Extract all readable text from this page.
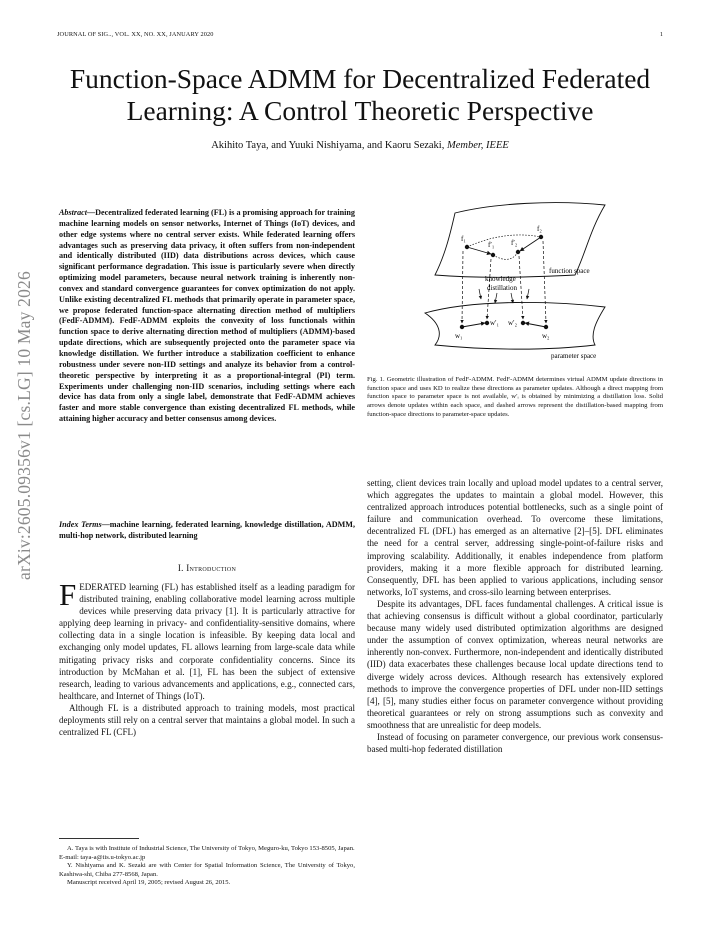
JOURNAL OF SIG.., VOL. XX, NO. XX, JANUARY 2020	1
Function-Space ADMM for Decentralized Federated
Learning: A Control Theoretic Perspective
Akihito Taya, and Yuuki Nishiyama, and Kaoru Sezaki, Member, IEEE
arXiv:2605.09356v1 [cs.LG] 10 May 2026
Abstract—Decentralized federated learning (FL) is a promising approach for training machine learning models on sensor networks, Internet of Things (IoT) devices, and other edge systems where no central server exists. While federated learning offers advantages such as preserving data privacy, it often suffers from non-independent and identically distributed (IID) data distributions across devices, which cause significant performance degradation. This issue is particularly severe when directly optimizing model parameters, because neural network training is inherently non-convex and standard convergence guarantees for convex optimization do not apply. Unlike existing decentralized FL methods that primarily operate in parameter space, we propose federated function-space alternating direction method of multipliers (FedF-ADMM). FedF-ADMM exploits the convexity of loss functionals within function space to derive alternating direction method of multipliers (ADMM)-based update directions, which are subsequently projected onto the parameter space via knowledge distillation. We further introduce a stabilization coefficient to enhance robustness under severe non-IID settings and analyze its behavior from a control-theoretic perspective by interpreting it as a proportional-integral (PI) term. Experiments under challenging non-IID scenarios, including settings where each device has data from only a single label, demonstrate that FedF-ADMM achieves faster and more stable convergence than existing decentralized FL methods, while attaining higher accuracy and better consensus among devices.
Index Terms—machine learning, federated learning, knowledge distillation, ADMM, multi-hop network, distributed learning
I. Introduction

FEDERATED learning (FL) has established itself as a leading paradigm for distributed training, enabling collaborative model learning across multiple devices while preserving data privacy [1]. It is particularly attractive for applying deep learning in privacy- and confidentiality-sensitive domains, where collecting data in a single location is infeasible. By keeping data local and exchanging only model updates, FL allows learning from large-scale data while mitigating privacy risks and corporate confidentiality concerns. Since its introduction by McMahan et al. [1], FL has been the subject of extensive research, leading to various advancements and applications, e.g., connected cars, healthcare, and Internet of Things (IoT).

Although FL is a distributed approach to training models, most practical deployments still rely on a central server that maintains a global model. In such a centralized FL (CFL)

A. Taya is with Institute of Industrial Science, The University of Tokyo, Meguro-ku, Tokyo 153-8505, Japan.

E-mail: taya-a@iis.u-tokyo.ac.jp

Y. Nishiyama and K. Sezaki are with Center for Spatial Information Science, The University of Tokyo, Kashiwa-shi, Chiba 277-8568, Japan.

Manuscript received April 19, 2005; revised August 26, 2015.

f₁
f′₁ f′₂
f₂
function space
knowledge
distillation
w₁
w′₁ w′₂
w₂
parameter space
Fig. 1. Geometric illustration of FedF-ADMM. FedF-ADMM determines virtual ADMM update directions in function space and uses KD to realize these directions as parameter updates. Although a direct mapping from function space to parameter space is not available, w′ᵢ is obtained by minimizing a distillation loss. Solid arrows denote updates within each space, and dashed arrows represent the distillation-based mapping from function-space directions to parameter-space updates.

setting, client devices train locally and upload model updates to a central server, which aggregates the updates to maintain a global model. However, this centralized approach introduces potential bottlenecks, such as a single point of failure and communication overhead. To overcome these limitations, decentralized FL (DFL) has emerged as an alternative [2]–[5]. DFL eliminates the need for a central server, addressing single-point-of-failure risks and improving scalability. Additionally, it enables independence from platform providers, making it a more flexible approach for distributed learning. Consequently, DFL has been applied to various applications, including sensor networks, IoT systems, and cross-silo learning between enterprises.

Despite its advantages, DFL faces fundamental challenges. A critical issue is that achieving consensus is difficult without a global coordinator, particularly because many widely used distributed optimization algorithms are designed under the assumption of convex optimization, whereas neural networks are inherently non-convex. Furthermore, non-independent and identically distributed (IID) data exacerbates these challenges because local update directions tend to diverge widely across devices. Although research has extensively explored methods to improve the convergence properties of DFL under non-IID settings [4], [5], many studies either focus on parameter convergence without providing theoretical guarantees or rely on strong assumptions such as convexity and smoothness that are unrealistic for deep models.

Instead of focusing on parameter convergence, our previous work consensus-based multi-hop federated distillation
